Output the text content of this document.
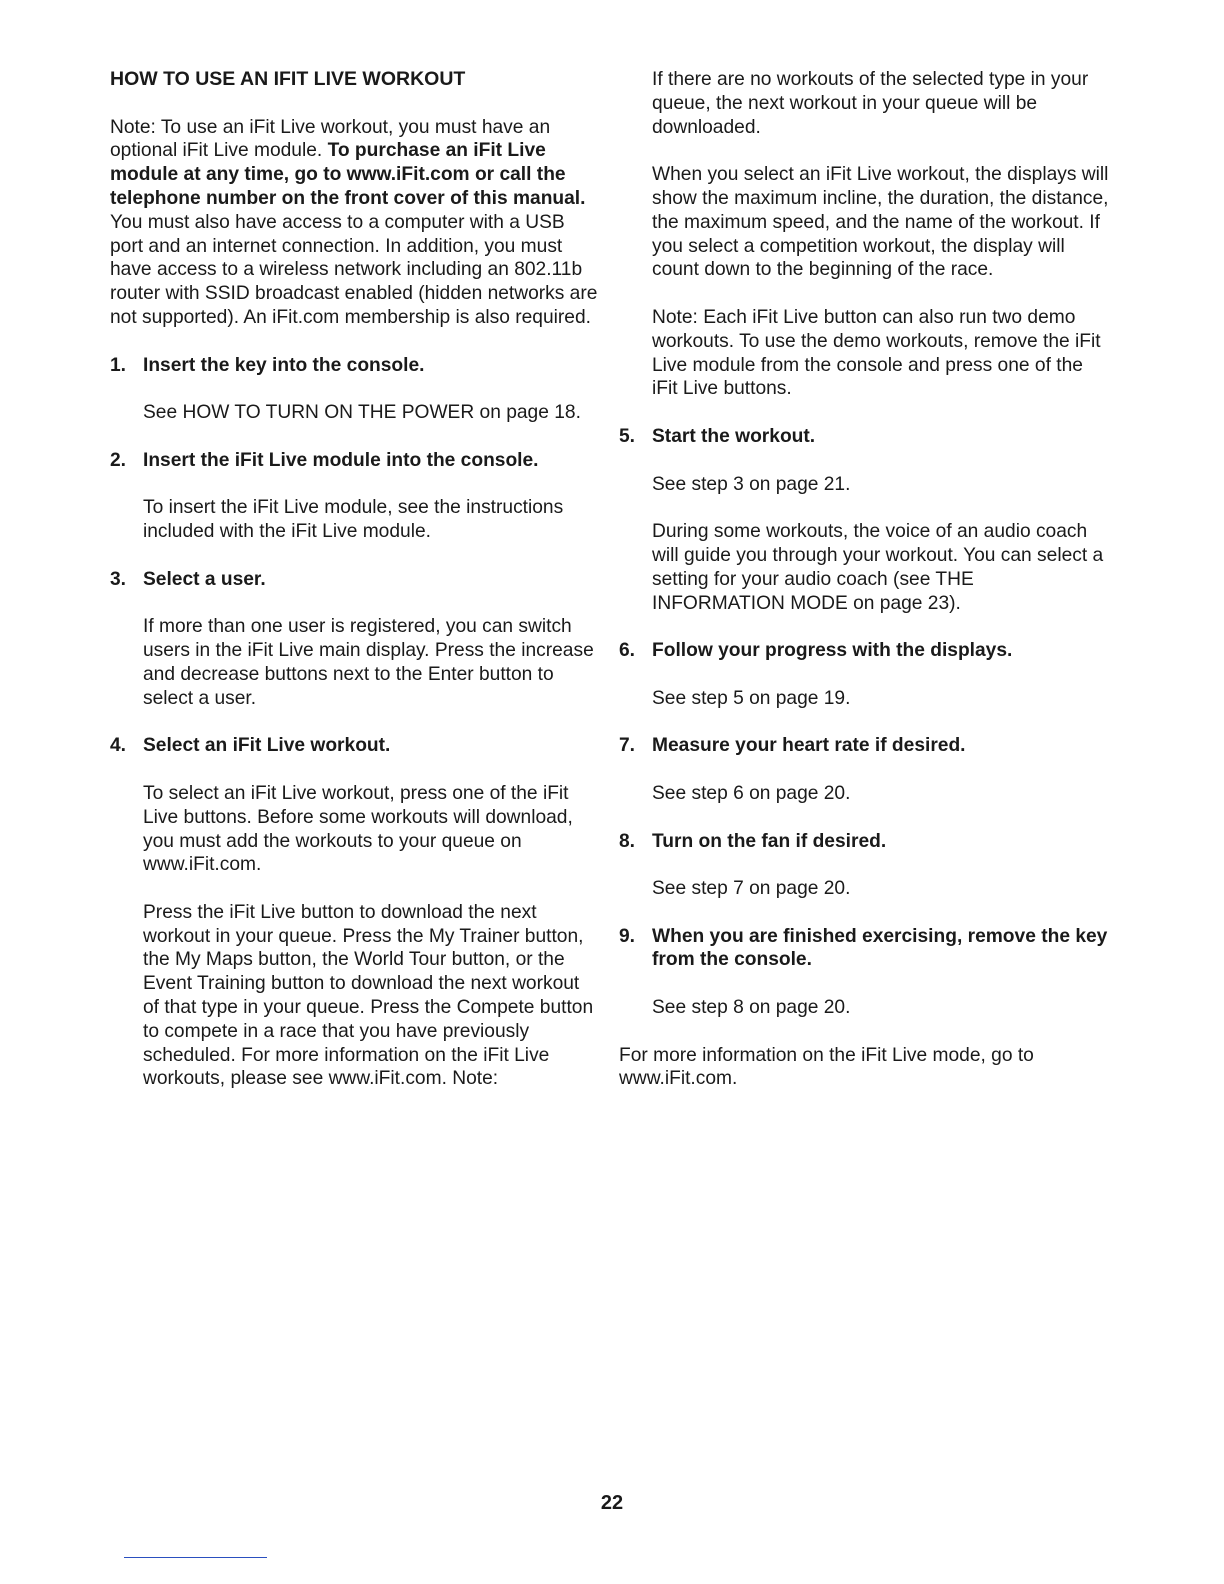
HOW TO USE AN IFIT LIVE WORKOUT

Note: To use an iFit Live workout, you must have an optional iFit Live module. To purchase an iFit Live module at any time, go to www.iFit.com or call the telephone number on the front cover of this manual. You must also have access to a computer with a USB port and an internet connection. In addition, you must have access to a wireless network including an 802.11b router with SSID broadcast enabled (hidden networks are not supported). An iFit.com membership is also required.

1. Insert the key into the console.

See HOW TO TURN ON THE POWER on page 18.

2. Insert the iFit Live module into the console.

To insert the iFit Live module, see the instructions included with the iFit Live module.

3. Select a user.

If more than one user is registered, you can switch users in the iFit Live main display. Press the increase and decrease buttons next to the Enter button to select a user.

4. Select an iFit Live workout.

To select an iFit Live workout, press one of the iFit Live buttons. Before some workouts will download, you must add the workouts to your queue on www.iFit.com.

Press the iFit Live button to download the next workout in your queue. Press the My Trainer button, the My Maps button, the World Tour button, or the Event Training button to download the next workout of that type in your queue. Press the Compete button to compete in a race that you have previously scheduled. For more information on the iFit Live workouts, please see www.iFit.com. Note:

If there are no workouts of the selected type in your queue, the next workout in your queue will be downloaded.

When you select an iFit Live workout, the displays will show the maximum incline, the duration, the distance, the maximum speed, and the name of the workout. If you select a competition workout, the display will count down to the beginning of the race.

Note: Each iFit Live button can also run two demo workouts. To use the demo workouts, remove the iFit Live module from the console and press one of the iFit Live buttons.

5. Start the workout.

See step 3 on page 21.

During some workouts, the voice of an audio coach will guide you through your workout. You can select a setting for your audio coach (see THE INFORMATION MODE on page 23).

6. Follow your progress with the displays.

See step 5 on page 19.

7. Measure your heart rate if desired.

See step 6 on page 20.

8. Turn on the fan if desired.

See step 7 on page 20.

9. When you are finished exercising, remove the key from the console.

See step 8 on page 20.

For more information on the iFit Live mode, go to www.iFit.com.

22
